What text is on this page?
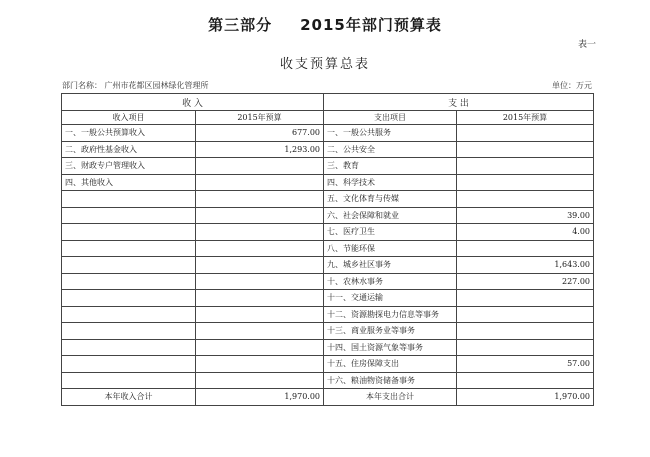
第三部分 2015年部门预算表
表一
收支预算总表
部门名称： 广州市花都区园林绿化管理所	单位：万元
收 入		支 出	
收入项目	2015年预算	支出项目	2015年预算
一、一般公共预算收入	677.00	一、一般公共服务	
二、政府性基金收入	1,293.00	二、公共安全	
三、财政专户管理收入		三、教育	
四、其他收入		四、科学技术	
		五、文化体育与传媒	
		六、社会保障和就业	39.00
		七、医疗卫生	4.00
		八、节能环保	
		九、城乡社区事务	1,643.00
		十、农林水事务	227.00
		十一、交通运输	
		十二、资源勘探电力信息等事务	
		十三、商业服务业等事务	
		十四、国土资源气象等事务	
		十五、住房保障支出	57.00
		十六、粮油物资储备事务	
本年收入合计	1,970.00	本年支出合计	1,970.00
